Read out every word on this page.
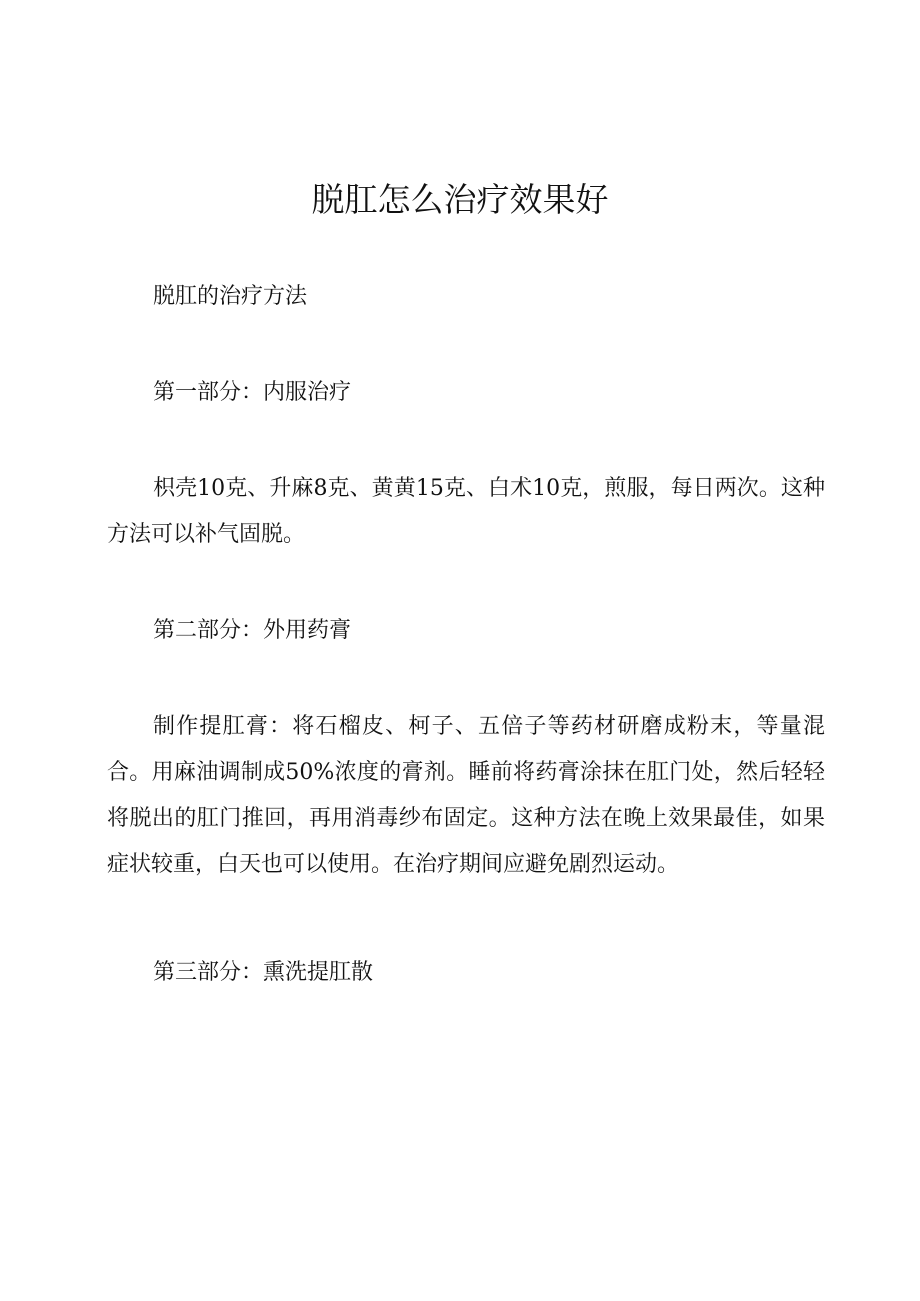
脱肛怎么治疗效果好

脱肛的治疗方法

第一部分：内服治疗

枳壳10克、升麻8克、黄黄15克、白术10克，煎服，每日两次。这种方法可以补气固脱。

第二部分：外用药膏

制作提肛膏：将石榴皮、柯子、五倍子等药材研磨成粉末，等量混合。用麻油调制成50%浓度的膏剂。睡前将药膏涂抹在肛门处，然后轻轻将脱出的肛门推回，再用消毒纱布固定。这种方法在晚上效果最佳，如果症状较重，白天也可以使用。在治疗期间应避免剧烈运动。

第三部分：熏洗提肛散
